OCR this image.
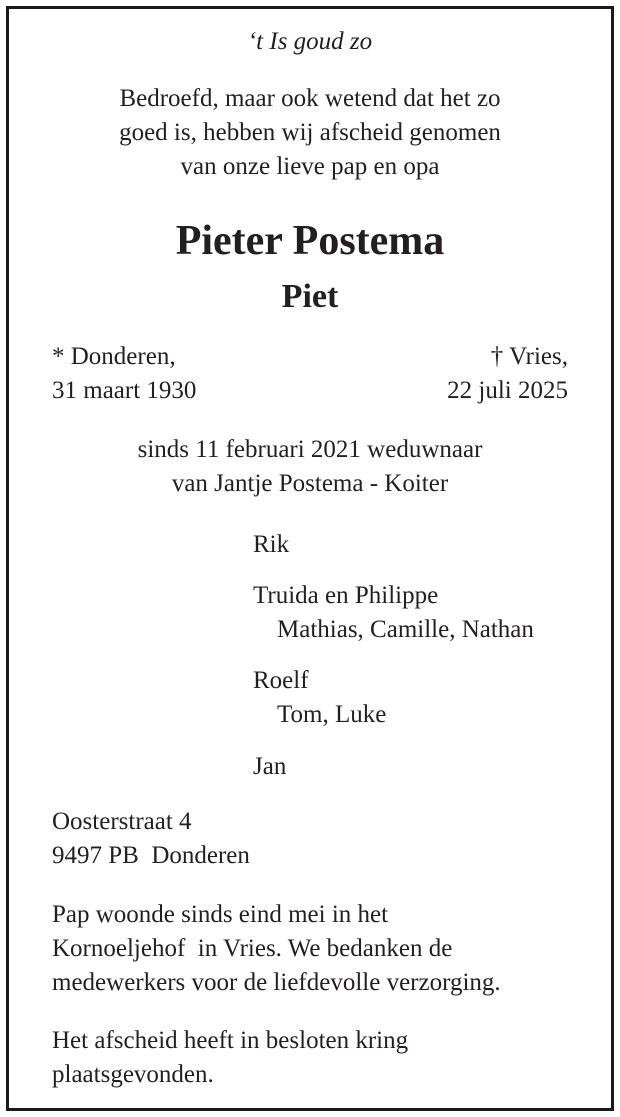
‘t Is goud zo
Bedroefd, maar ook wetend dat het zo
goed is, hebben wij afscheid genomen
van onze lieve pap en opa
Pieter Postema
Piet
* Donderen,
31 maart 1930
† Vries,
22 juli 2025
sinds 11 februari 2021 weduwnaar
van Jantje Postema - Koiter
Rik
Truida en Philippe
Mathias, Camille, Nathan
Roelf
Tom, Luke
Jan
Oosterstraat 4
9497 PB  Donderen
Pap woonde sinds eind mei in het
Kornoeljehof  in Vries. We bedanken de
medewerkers voor de liefdevolle verzorging.
Het afscheid heeft in besloten kring
plaatsgevonden.
